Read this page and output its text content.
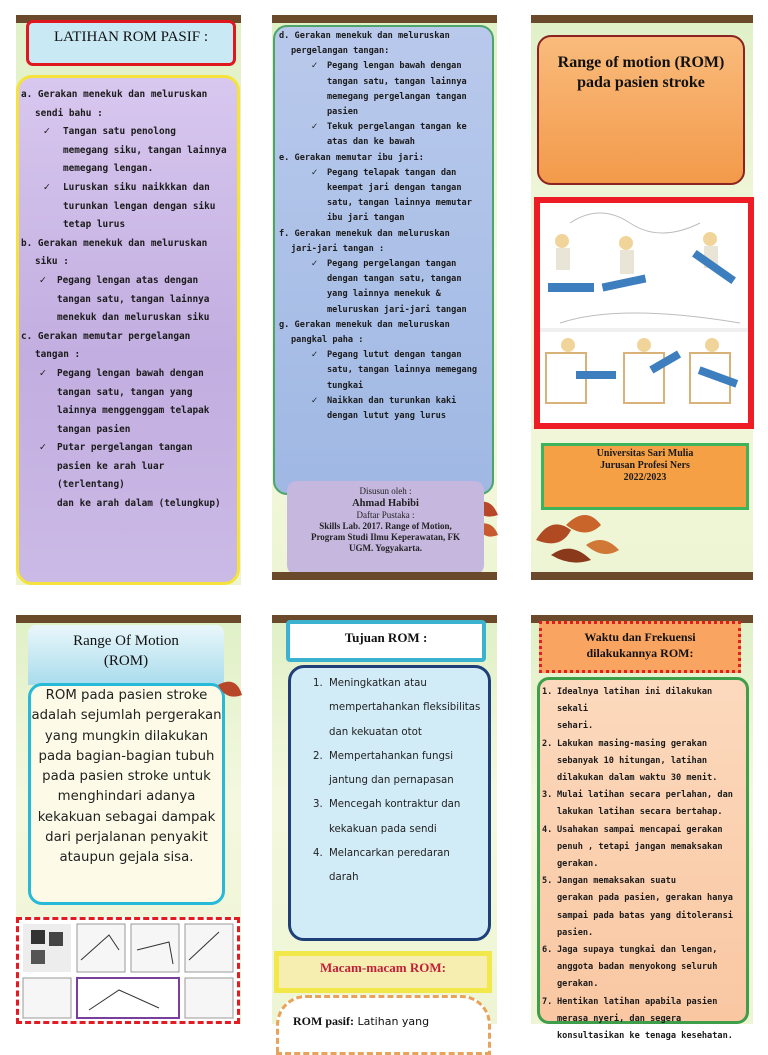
LATIHAN ROM PASIF :
a. Gerakan menekuk dan meluruskan
sendi bahu :
✓ Tangan satu penolong
memegang siku, tangan lainnya
memegang lengan.
✓ Luruskan siku naikkkan dan
turunkan lengan dengan siku
tetap lurus
b. Gerakan menekuk dan meluruskan
siku :
✓ Pegang lengan atas dengan
tangan satu, tangan lainnya
menekuk dan meluruskan siku
c. Gerakan memutar pergelangan
tangan :
✓ Pegang lengan bawah dengan
tangan satu, tangan yang
lainnya menggenggam telapak
tangan pasien
✓ Putar pergelangan tangan
pasien ke arah luar (terlentang)
dan ke arah dalam (telungkup)
d. Gerakan menekuk dan meluruskan
pergelangan tangan:
✓ Pegang lengan bawah dengan
tangan satu, tangan lainnya
memegang pergelangan tangan
pasien
✓ Tekuk pergelangan tangan ke
atas dan ke bawah
e. Gerakan memutar ibu jari:
✓ Pegang telapak tangan dan
keempat jari dengan tangan
satu, tangan lainnya memutar
ibu jari tangan
f. Gerakan menekuk dan meluruskan
jari-jari tangan :
✓ Pegang pergelangan tangan
dengan tangan satu, tangan
yang lainnya menekuk &
meluruskan jari-jari tangan
g. Gerakan menekuk dan meluruskan
pangkal paha :
✓ Pegang lutut dengan tangan
satu, tangan lainnya memegang
tungkai
✓ Naikkan dan turunkan kaki
dengan lutut yang lurus
Disusun oleh :
Ahmad Habibi
Daftar Pustaka :
Skills Lab. 2017. Range of Motion,
Program Studi Ilmu Keperawatan, FK
UGM. Yogyakarta.
Range of motion (ROM)
pada pasien stroke
Universitas Sari Mulia
Jurusan Profesi Ners
2022/2023
Range Of Motion
(ROM)
ROM pada pasien stroke
adalah sejumlah pergerakan
yang mungkin dilakukan
pada bagian-bagian tubuh
pada pasien stroke untuk
menghindari adanya
kekakuan sebagai dampak
dari perjalanan penyakit
ataupun gejala sisa.
Tujuan ROM :
1. Meningkatkan atau
mempertahankan fleksibilitas
dan kekuatan otot
2. Mempertahankan fungsi
jantung dan pernapasan
3. Mencegah kontraktur dan
kekakuan pada sendi
4. Melancarkan peredaran
darah
Macam-macam ROM:
ROM pasif: Latihan yang
Waktu dan Frekuensi
dilakukannya ROM:
1. Idealnya latihan ini dilakukan sekali
sehari.
2. Lakukan masing-masing gerakan
sebanyak 10 hitungan, latihan
dilakukan dalam waktu 30 menit.
3. Mulai latihan secara perlahan, dan
lakukan latihan secara bertahap.
4. Usahakan sampai mencapai gerakan
penuh , tetapi jangan memaksakan
gerakan.
5. Jangan memaksakan suatu
gerakan pada pasien, gerakan hanya
sampai pada batas yang ditoleransi
pasien.
6. Jaga supaya tungkai dan lengan,
anggota badan menyokong seluruh
gerakan.
7. Hentikan latihan apabila pasien
merasa nyeri, dan segera
konsultasikan ke tenaga kesehatan.
